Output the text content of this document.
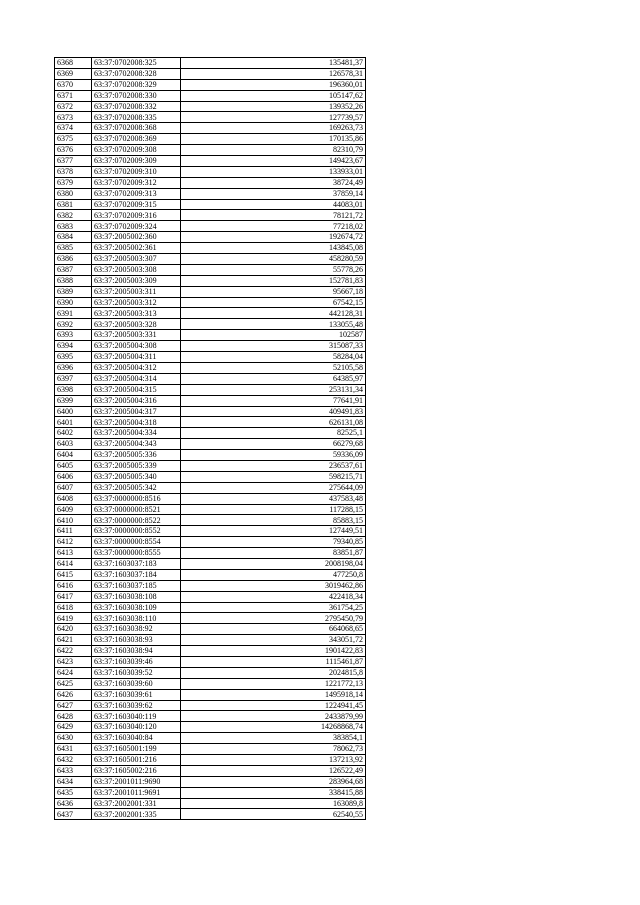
6368	63:37:0702008:325	135481,37
6369	63:37:0702008:328	126578,31
6370	63:37:0702008:329	196360,01
6371	63:37:0702008:330	105147,62
6372	63:37:0702008:332	139352,26
6373	63:37:0702008:335	127739,57
6374	63:37:0702008:368	169263,73
6375	63:37:0702008:369	170135,86
6376	63:37:0702009:308	82310,79
6377	63:37:0702009:309	149423,67
6378	63:37:0702009:310	133933,01
6379	63:37:0702009:312	38724,49
6380	63:37:0702009:313	37859,14
6381	63:37:0702009:315	44083,01
6382	63:37:0702009:316	78121,72
6383	63:37:0702009:324	77218,02
6384	63:37:2005002:360	192674,72
6385	63:37:2005002:361	143845,08
6386	63:37:2005003:307	458280,59
6387	63:37:2005003:308	55778,26
6388	63:37:2005003:309	152781,83
6389	63:37:2005003:311	95667,18
6390	63:37:2005003:312	67542,15
6391	63:37:2005003:313	442128,31
6392	63:37:2005003:328	133055,48
6393	63:37:2005003:331	102587
6394	63:37:2005004:308	315087,33
6395	63:37:2005004:311	58284,04
6396	63:37:2005004:312	52105,58
6397	63:37:2005004:314	64385,97
6398	63:37:2005004:315	253131,34
6399	63:37:2005004:316	77641,91
6400	63:37:2005004:317	409491,83
6401	63:37:2005004:318	626131,08
6402	63:37:2005004:334	82525,1
6403	63:37:2005004:343	66279,68
6404	63:37:2005005:336	59336,09
6405	63:37:2005005:339	236537,61
6406	63:37:2005005:340	598215,71
6407	63:37:2005005:342	275644,09
6408	63:37:0000000:8516	437583,48
6409	63:37:0000000:8521	117288,15
6410	63:37:0000000:8522	85883,15
6411	63:37:0000000:8552	127449,51
6412	63:37:0000000:8554	79340,85
6413	63:37:0000000:8555	83851,87
6414	63:37:1603037:183	2008198,04
6415	63:37:1603037:184	477250,8
6416	63:37:1603037:185	3019462,86
6417	63:37:1603038:108	422418,34
6418	63:37:1603038:109	361754,25
6419	63:37:1603038:110	2795450,79
6420	63:37:1603038:92	664068,65
6421	63:37:1603038:93	343051,72
6422	63:37:1603038:94	1901422,83
6423	63:37:1603039:46	1115461,87
6424	63:37:1603039:52	2024815,8
6425	63:37:1603039:60	1221772,13
6426	63:37:1603039:61	1495918,14
6427	63:37:1603039:62	1224941,45
6428	63:37:1603040:119	2433879,99
6429	63:37:1603040:120	14268868,74
6430	63:37:1603040:84	383854,1
6431	63:37:1605001:199	78062,73
6432	63:37:1605001:216	137213,92
6433	63:37:1605002:216	126522,49
6434	63:37:2001011:9690	283964,68
6435	63:37:2001011:9691	338415,88
6436	63:37:2002001:331	163089,8
6437	63:37:2002001:335	62540,55
